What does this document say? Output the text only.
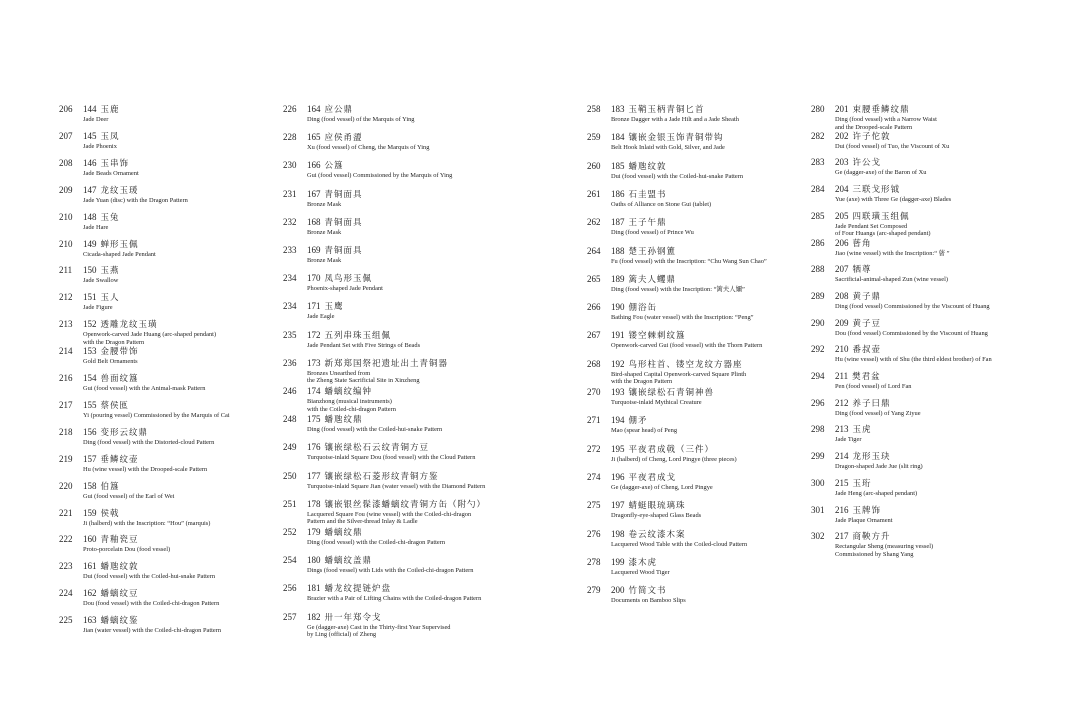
206 144 玉鹿
Jade Deer
207 145 玉凤
Jade Phoenix
208 146 玉串饰
Jade Beads Ornament
209 147 龙纹玉瑗
Jade Yuan (disc) with the Dragon Pattern
210 148 玉兔
Jade Hare
210 149 蝉形玉佩
Cicada-shaped Jade Pendant
211 150 玉燕
Jade Swallow
212 151 玉人
Jade Figure
213 152 透雕龙纹玉璜
Openwork-carved Jade Huang (arc-shaped pendant)
with the Dragon Pattern
214 153 金腰带饰
Gold Belt Ornaments
216 154 兽面纹簋
Gui (food vessel) with the Animal-mask Pattern
217 155 蔡侯匜
Yi (pouring vessel) Commissioned by the Marquis of Cai
218 156 变形云纹鼎
Ding (food vessel) with the Distorted-cloud Pattern
219 157 垂鳞纹壶
Hu (wine vessel) with the Drooped-scale Pattern
220 158 伯簋
Gui (food vessel) of the Earl of Wei
221 159 侯戟
Ji (halberd) with the Inscription: “Hou” (marquis)
222 160 青釉瓷豆
Proto-porcelain Dou (food vessel)
223 161 蟠虺纹敦
Dui (food vessel) with the Coiled-hui-snake Pattern
224 162 蟠螭纹豆
Dou (food vessel) with the Coiled-chi-dragon Pattern
225 163 蟠螭纹鉴
Jian (water vessel) with the Coiled-chi-dragon Pattern
226 164 应公鼎
Ding (food vessel) of the Marquis of Ying
228 165 应侯甬盨
Xu (food vessel) of Cheng, the Marquis of Ying
230 166 公簋
Gui (food vessel) Commissioned by the Marquis of Ying
231 167 青铜面具
Bronze Mask
232 168 青铜面具
Bronze Mask
233 169 青铜面具
Bronze Mask
234 170 凤鸟形玉佩
Phoenix-shaped Jade Pendant
234 171 玉鹰
Jade Eagle
235 172 五列串珠玉组佩
Jade Pendant Set with Five Strings of Beads
236 173 新郑郑国祭祀遗址出土青铜器
Bronzes Unearthed from
the Zheng State Sacrificial Site in Xinzheng
246 174 蟠螭纹编钟
Bianzhong (musical instruments)
with the Coiled-chi-dragon Pattern
248 175 蟠虺纹鼎
Ding (food vessel) with the Coiled-hui-snake Pattern
249 176 镶嵌绿松石云纹青铜方豆
Turquoise-inlaid Square Dou (food vessel) with the Cloud Pattern
250 177 镶嵌绿松石菱形纹青铜方鉴
Turquoise-inlaid Square Jian (water vessel) with the Diamond Pattern
251 178 镶嵌银丝髹漆蟠螭纹青铜方缶（附勺）
Lacquered Square Fou (wine vessel) with the Coiled-chi-dragon
Pattern and the Silver-thread Inlay & Ladle
252 179 蟠螭纹鼎
Ding (food vessel) with the Coiled-chi-dragon Pattern
254 180 蟠螭纹盖鼎
Dings (food vessel) with Lids with the Coiled-chi-dragon Pattern
256 181 蟠龙纹提链炉盘
Brazier with a Pair of Lifting Chains with the Coiled-dragon Pattern
257 182 卅一年郑令戈
Ge (dagger-axe) Cast in the Thirty-first Year Supervised
by Ling (official) of Zheng
258 183 玉鞘玉柄青铜匕首
Bronze Dagger with a Jade Hilt and a Jade Sheath
259 184 镶嵌金银玉饰青铜带钩
Belt Hook Inlaid with Gold, Silver, and Jade
260 185 蟠虺纹敦
Dui (food vessel) with the Coiled-hui-snake Pattern
261 186 石圭盟书
Oaths of Alliance on Stone Gui (tablet)
262 187 王子午鼎
Ding (food vessel) of Prince Wu
264 188 楚王孙钢簠
Fu (food vessel) with the Inscription: “Chu Wang Sun Chao”
265 189 篱夫人蠼鼎
Ding (food vessel) with the Inscription: “篱夫人嬭”
266 190 倗浴缶
Bathing Fou (water vessel) with the Inscription: “Peng”
267 191 镂空棘刺纹簋
Openwork-carved Gui (food vessel) with the Thorn Pattern
268 192 鸟形柱首、镂空龙纹方器座
Bird-shaped Capital Openwork-carved Square Plinth
with the Dragon Pattern
270 193 镶嵌绿松石青铜神兽
Turquoise-inlaid Mythical Creature
271 194 倗矛
Mao (spear head) of Peng
272 195 平夜君成戟（三件）
Ji (halberd) of Cheng, Lord Pingye (three pieces)
274 196 平夜君成戈
Ge (dagger-axe) of Cheng, Lord Pingye
275 197 蜻蜓眼琉璃珠
Dragonfly-eye-shaped Glass Beads
276 198 卷云纹漆木案
Lacquered Wood Table with the Coiled-cloud Pattern
278 199 漆木虎
Lacquered Wood Tiger
279 200 竹简文书
Documents on Bamboo Slips
280 201 束腰垂鳞纹鼎
Ding (food vessel) with a Narrow Waist
and the Drooped-scale Pattern
282 202 许子佗敦
Dui (food vessel) of Tuo, the Viscount of Xu
283 203 许公戈
Ge (dagger-axe) of the Baron of Xu
284 204 三联戈形钺
Yue (axe) with Three Ge (dagger-axe) Blades
285 205 四联璜玉组佩
Jade Pendant Set Composed
of Four Huangs (arc-shaped pendant)
286 206 蒈角
Jiao (wine vessel) with the Inscription:“ 蒈 ”
288 207 牺尊
Sacrificial-animal-shaped Zun (wine vessel)
289 208 黄子鼎
Ding (food vessel) Commissioned by the Viscount of Huang
290 209 黄子豆
Dou (food vessel) Commissioned by the Viscount of Huang
292 210 番叔壶
Hu (wine vessel) with of Shu (the third eldest brother) of Fan
294 211 樊君盆
Pen (food vessel) of Lord Fan
296 212 养子曰鼎
Ding (food vessel) of Yang Ziyue
298 213 玉虎
Jade Tiger
299 214 龙形玉玦
Dragon-shaped Jade Jue (slit ring)
300 215 玉珩
Jade Heng (arc-shaped pendant)
301 216 玉牌饰
Jade Plaque Ornament
302 217 商鞅方升
Rectangular Sheng (measuring vessel)
Commissioned by Shang Yang
